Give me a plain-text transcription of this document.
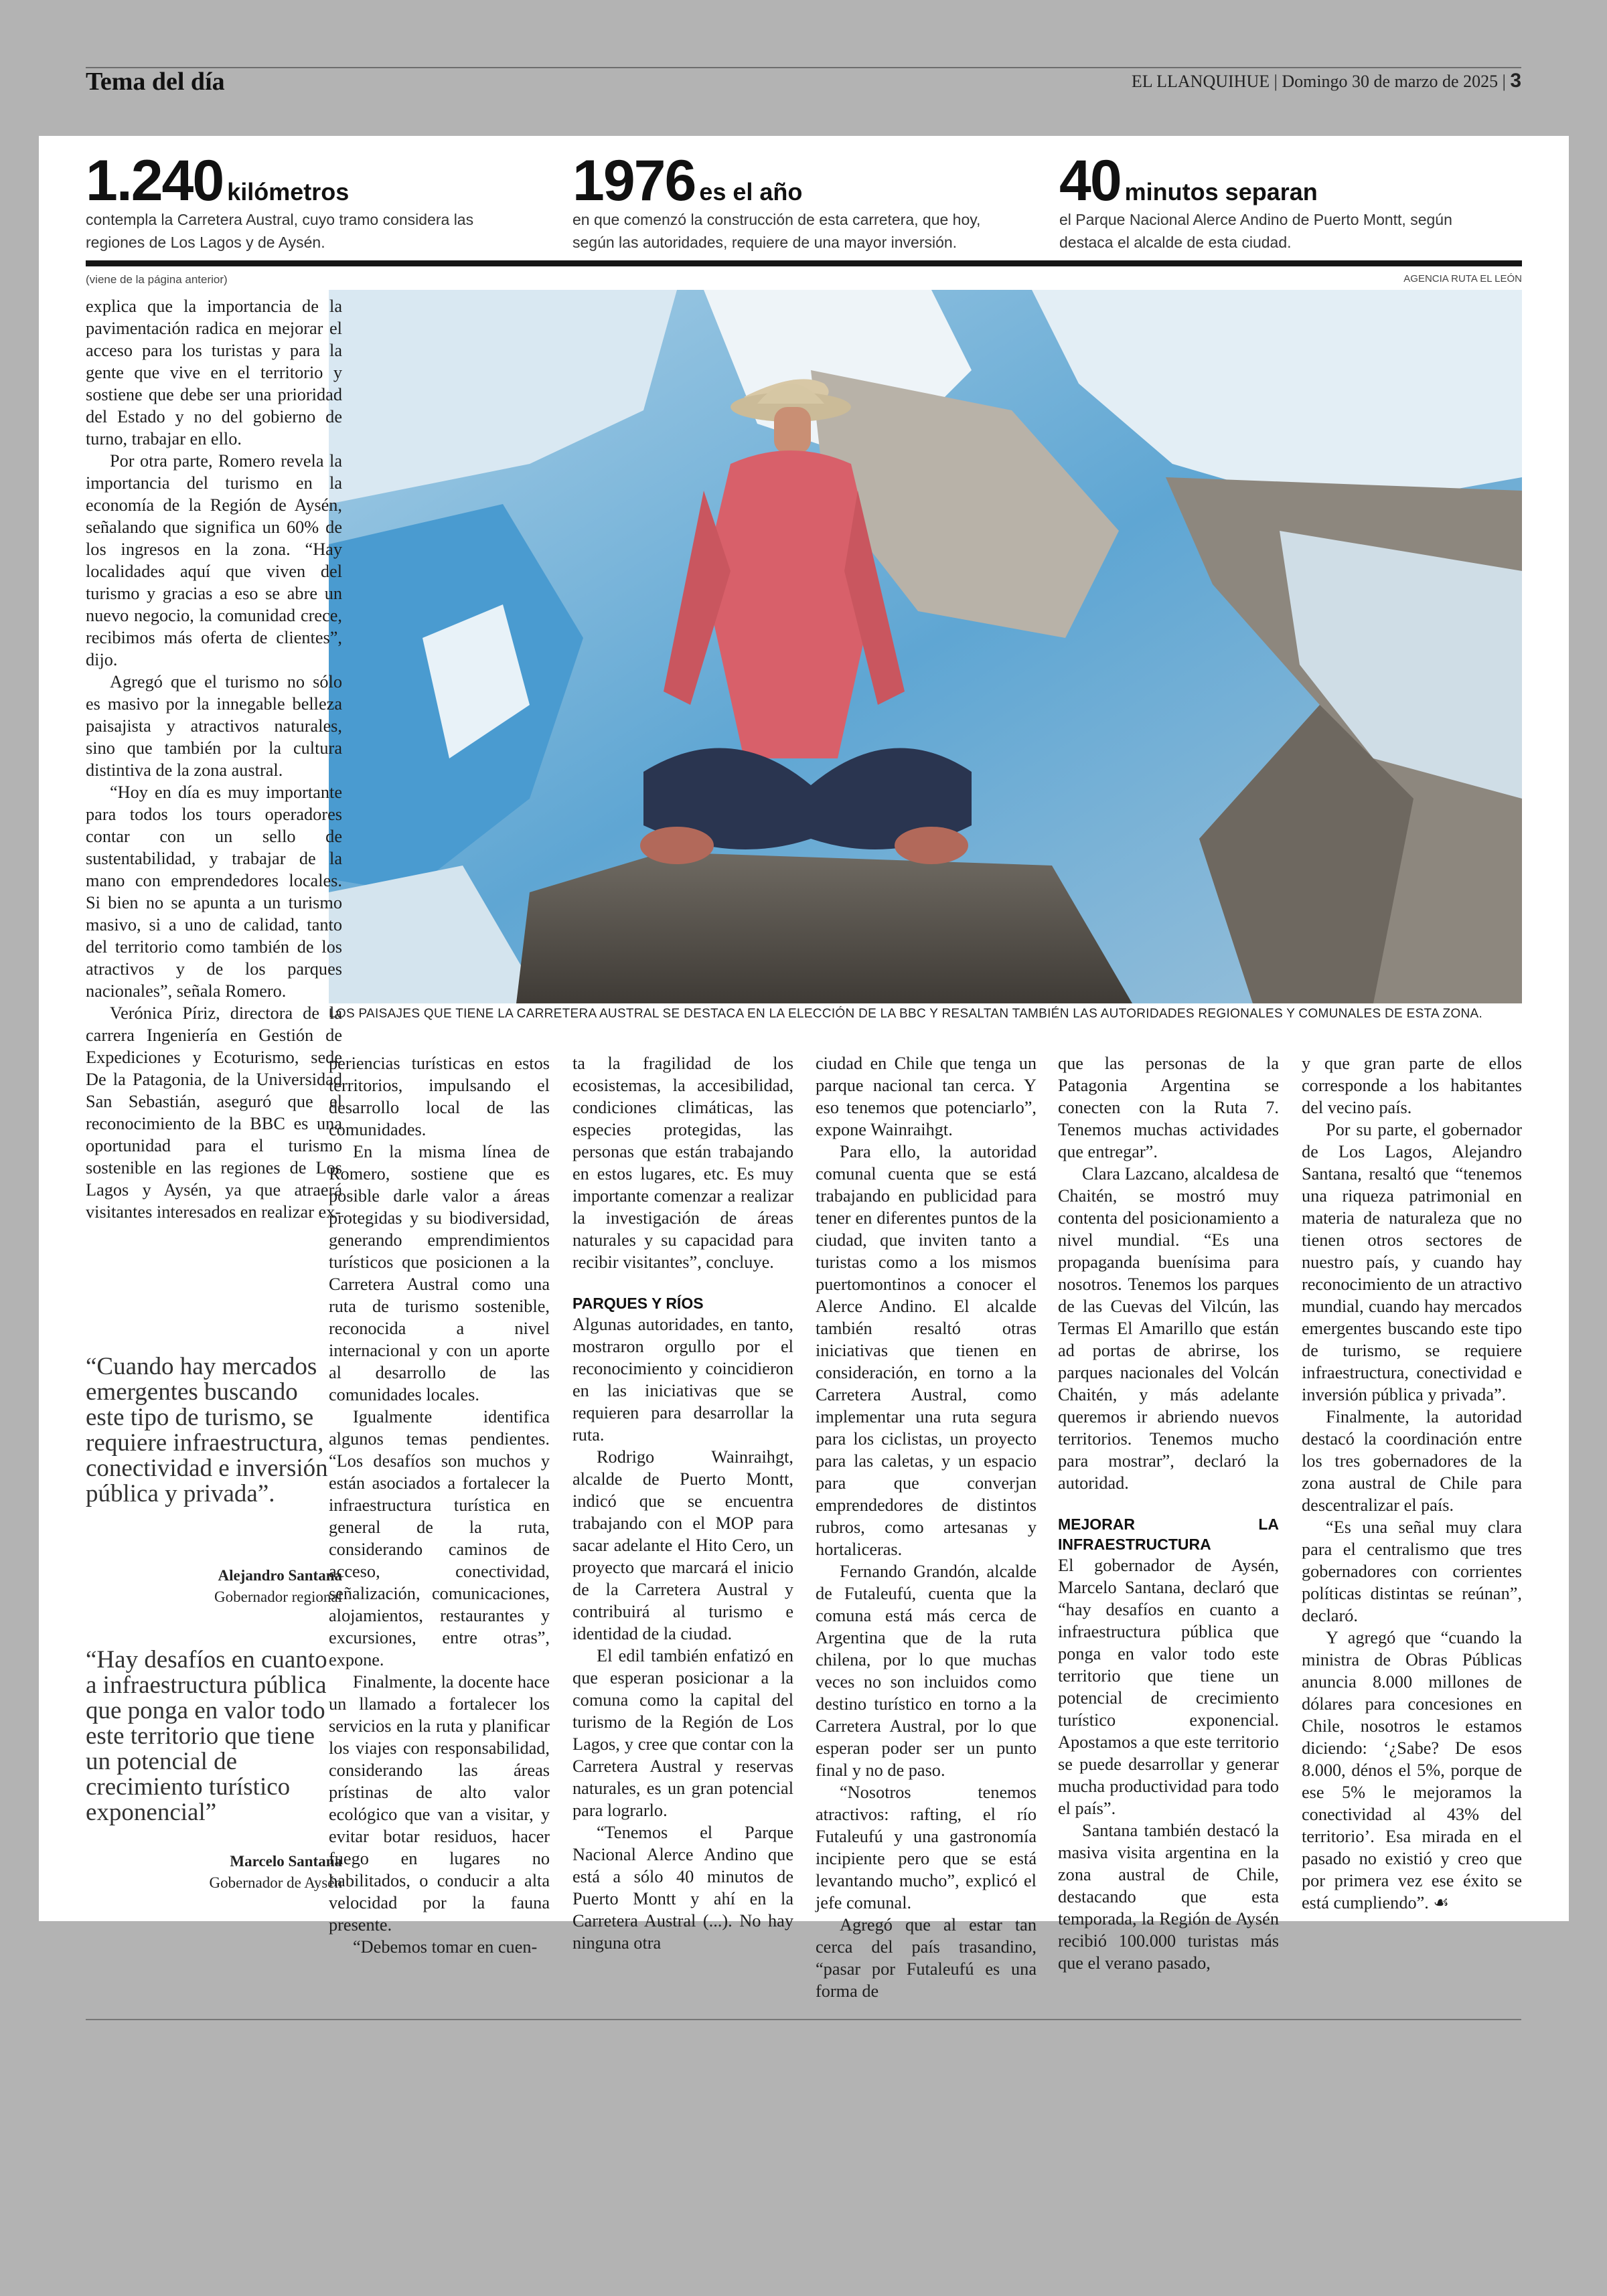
Tema del día	EL LLANQUIHUE | Domingo 30 de marzo de 2025 | 3
1.240 kilómetros
contempla la Carretera Austral, cuyo tramo considera las regiones de Los Lagos y de Aysén.
1976 es el año
en que comenzó la construcción de esta carretera, que hoy, según las autoridades, requiere de una mayor inversión.
40 minutos separan
el Parque Nacional Alerce Andino de Puerto Montt, según destaca el alcalde de esta ciudad.
(viene de la página anterior)	AGENCIA RUTA EL LEÓN
LOS PAISAJES QUE TIENE LA CARRETERA AUSTRAL SE DESTACA EN LA ELECCIÓN DE LA BBC Y RESALTAN TAMBIÉN LAS AUTORIDADES REGIONALES Y COMUNALES DE ESTA ZONA.

explica que la importancia de la pavimentación radica en mejorar el acceso para los turistas y para la gente que vive en el territorio y sostiene que debe ser una prioridad del Estado y no del gobierno de turno, trabajar en ello.

Por otra parte, Romero revela la importancia del turismo en la economía de la Región de Aysén, señalando que significa un 60% de los ingresos en la zona. “Hay localidades aquí que viven del turismo y gracias a eso se abre un nuevo negocio, la comunidad crece, recibimos más oferta de clientes”, dijo.

Agregó que el turismo no sólo es masivo por la innegable belleza paisajista y atractivos naturales, sino que también por la cultura distintiva de la zona austral.

“Hoy en día es muy importante para todos los tours operadores contar con un sello de sustentabilidad, y trabajar de la mano con emprendedores locales. Si bien no se apunta a un turismo masivo, si a uno de calidad, tanto del territorio como también de los atractivos y de los parques nacionales”, señala Romero.

Verónica Píriz, directora de la carrera Ingeniería en Gestión de Expediciones y Ecoturismo, sede De la Patagonia, de la Universidad San Sebastián, aseguró que el reconocimiento de la BBC es una oportunidad para el turismo sostenible en las regiones de Los Lagos y Aysén, ya que atraerá visitantes interesados en realizar ex-

“Cuando hay mercados emergentes buscando este tipo de turismo, se requiere infraestructura, conectividad e inversión pública y privada”.
Alejandro Santana
Gobernador regional
“Hay desafíos en cuanto a infraestructura pública que ponga en valor todo este territorio que tiene un potencial de crecimiento turístico exponencial”
Marcelo Santana
Gobernador de Aysén

periencias turísticas en estos territorios, impulsando el desarrollo local de las comunidades.

En la misma línea de Romero, sostiene que es posible darle valor a áreas protegidas y su biodiversidad, generando emprendimientos turísticos que posicionen a la Carretera Austral como una ruta de turismo sostenible, reconocida a nivel internacional y con un aporte al desarrollo de las comunidades locales.

Igualmente identifica algunos temas pendientes. “Los desafíos son muchos y están asociados a fortalecer la infraestructura turística en general de la ruta, considerando caminos de acceso, conectividad, señalización, comunicaciones, alojamientos, restaurantes y excursiones, entre otras”, expone.

Finalmente, la docente hace un llamado a fortalecer los servicios en la ruta y planificar los viajes con responsabilidad, considerando las áreas prístinas de alto valor ecológico que van a visitar, y evitar botar residuos, hacer fuego en lugares no habilitados, o conducir a alta velocidad por la fauna presente.

“Debemos tomar en cuen-

ta la fragilidad de los ecosistemas, la accesibilidad, condiciones climáticas, las especies protegidas, las personas que están trabajando en estos lugares, etc. Es muy importante comenzar a realizar la investigación de áreas naturales y su capacidad para recibir visitantes”, concluye.

PARQUES Y RÍOS

Algunas autoridades, en tanto, mostraron orgullo por el reconocimiento y coincidieron en las iniciativas que se requieren para desarrollar la ruta.

Rodrigo Wainraihgt, alcalde de Puerto Montt, indicó que se encuentra trabajando con el MOP para sacar adelante el Hito Cero, un proyecto que marcará el inicio de la Carretera Austral y contribuirá al turismo e identidad de la ciudad.

El edil también enfatizó en que esperan posicionar a la comuna como la capital del turismo de la Región de Los Lagos, y cree que contar con la Carretera Austral y reservas naturales, es un gran potencial para lograrlo.

“Tenemos el Parque Nacional Alerce Andino que está a sólo 40 minutos de Puerto Montt y ahí en la Carretera Austral (...). No hay ninguna otra

ciudad en Chile que tenga un parque nacional tan cerca. Y eso tenemos que potenciarlo”, expone Wainraihgt.

Para ello, la autoridad comunal cuenta que se está trabajando en publicidad para tener en diferentes puntos de la ciudad, que inviten tanto a turistas como a los mismos puertomontinos a conocer el Alerce Andino. El alcalde también resaltó otras iniciativas que tienen en consideración, en torno a la Carretera Austral, como implementar una ruta segura para los ciclistas, un proyecto para las caletas, y un espacio para que converjan emprendedores de distintos rubros, como artesanas y hortaliceras.

Fernando Grandón, alcalde de Futaleufú, cuenta que la comuna está más cerca de Argentina que de la ruta chilena, por lo que muchas veces no son incluidos como destino turístico en torno a la Carretera Austral, por lo que esperan poder ser un punto final y no de paso.

“Nosotros tenemos atractivos: rafting, el río Futaleufú y una gastronomía incipiente pero que se está levantando mucho”, explicó el jefe comunal.

Agregó que al estar tan cerca del país trasandino, “pasar por Futaleufú es una forma de

que las personas de la Patagonia Argentina se conecten con la Ruta 7. Tenemos muchas actividades que entregar”.

Clara Lazcano, alcaldesa de Chaitén, se mostró muy contenta del posicionamiento a nivel mundial. “Es una propaganda buenísima para nosotros. Tenemos los parques de las Cuevas del Vilcún, las Termas El Amarillo que están ad portas de abrirse, los parques nacionales del Volcán Chaitén, y más adelante queremos ir abriendo nuevos territorios. Tenemos mucho para mostrar”, declaró la autoridad.

MEJORAR LA INFRAESTRUCTURA

El gobernador de Aysén, Marcelo Santana, declaró que “hay desafíos en cuanto a infraestructura pública que ponga en valor todo este territorio que tiene un potencial de crecimiento turístico exponencial. Apostamos a que este territorio se puede desarrollar y generar mucha productividad para todo el país”.

Santana también destacó la masiva visita argentina en la zona austral de Chile, destacando que esta temporada, la Región de Aysén recibió 100.000 turistas más que el verano pasado,

y que gran parte de ellos corresponde a los habitantes del vecino país.

Por su parte, el gobernador de Los Lagos, Alejandro Santana, resaltó que “tenemos una riqueza patrimonial en materia de naturaleza que no tienen otros sectores de nuestro país, y cuando hay reconocimiento de un atractivo mundial, cuando hay mercados emergentes buscando este tipo de turismo, se requiere infraestructura, conectividad e inversión pública y privada”.

Finalmente, la autoridad destacó la coordinación entre los tres gobernadores de la zona austral de Chile para descentralizar el país.

“Es una señal muy clara para el centralismo que tres gobernadores con corrientes políticas distintas se reúnan”, declaró.

Y agregó que “cuando la ministra de Obras Públicas anuncia 8.000 millones de dólares para concesiones en Chile, nosotros le estamos diciendo: ‘¿Sabe? De esos 8.000, dénos el 5%, porque de ese 5% le mejoramos la conectividad al 43% del territorio’. Esa mirada en el pasado no existió y creo que por primera vez ese éxito se está cumpliendo”. ☙
